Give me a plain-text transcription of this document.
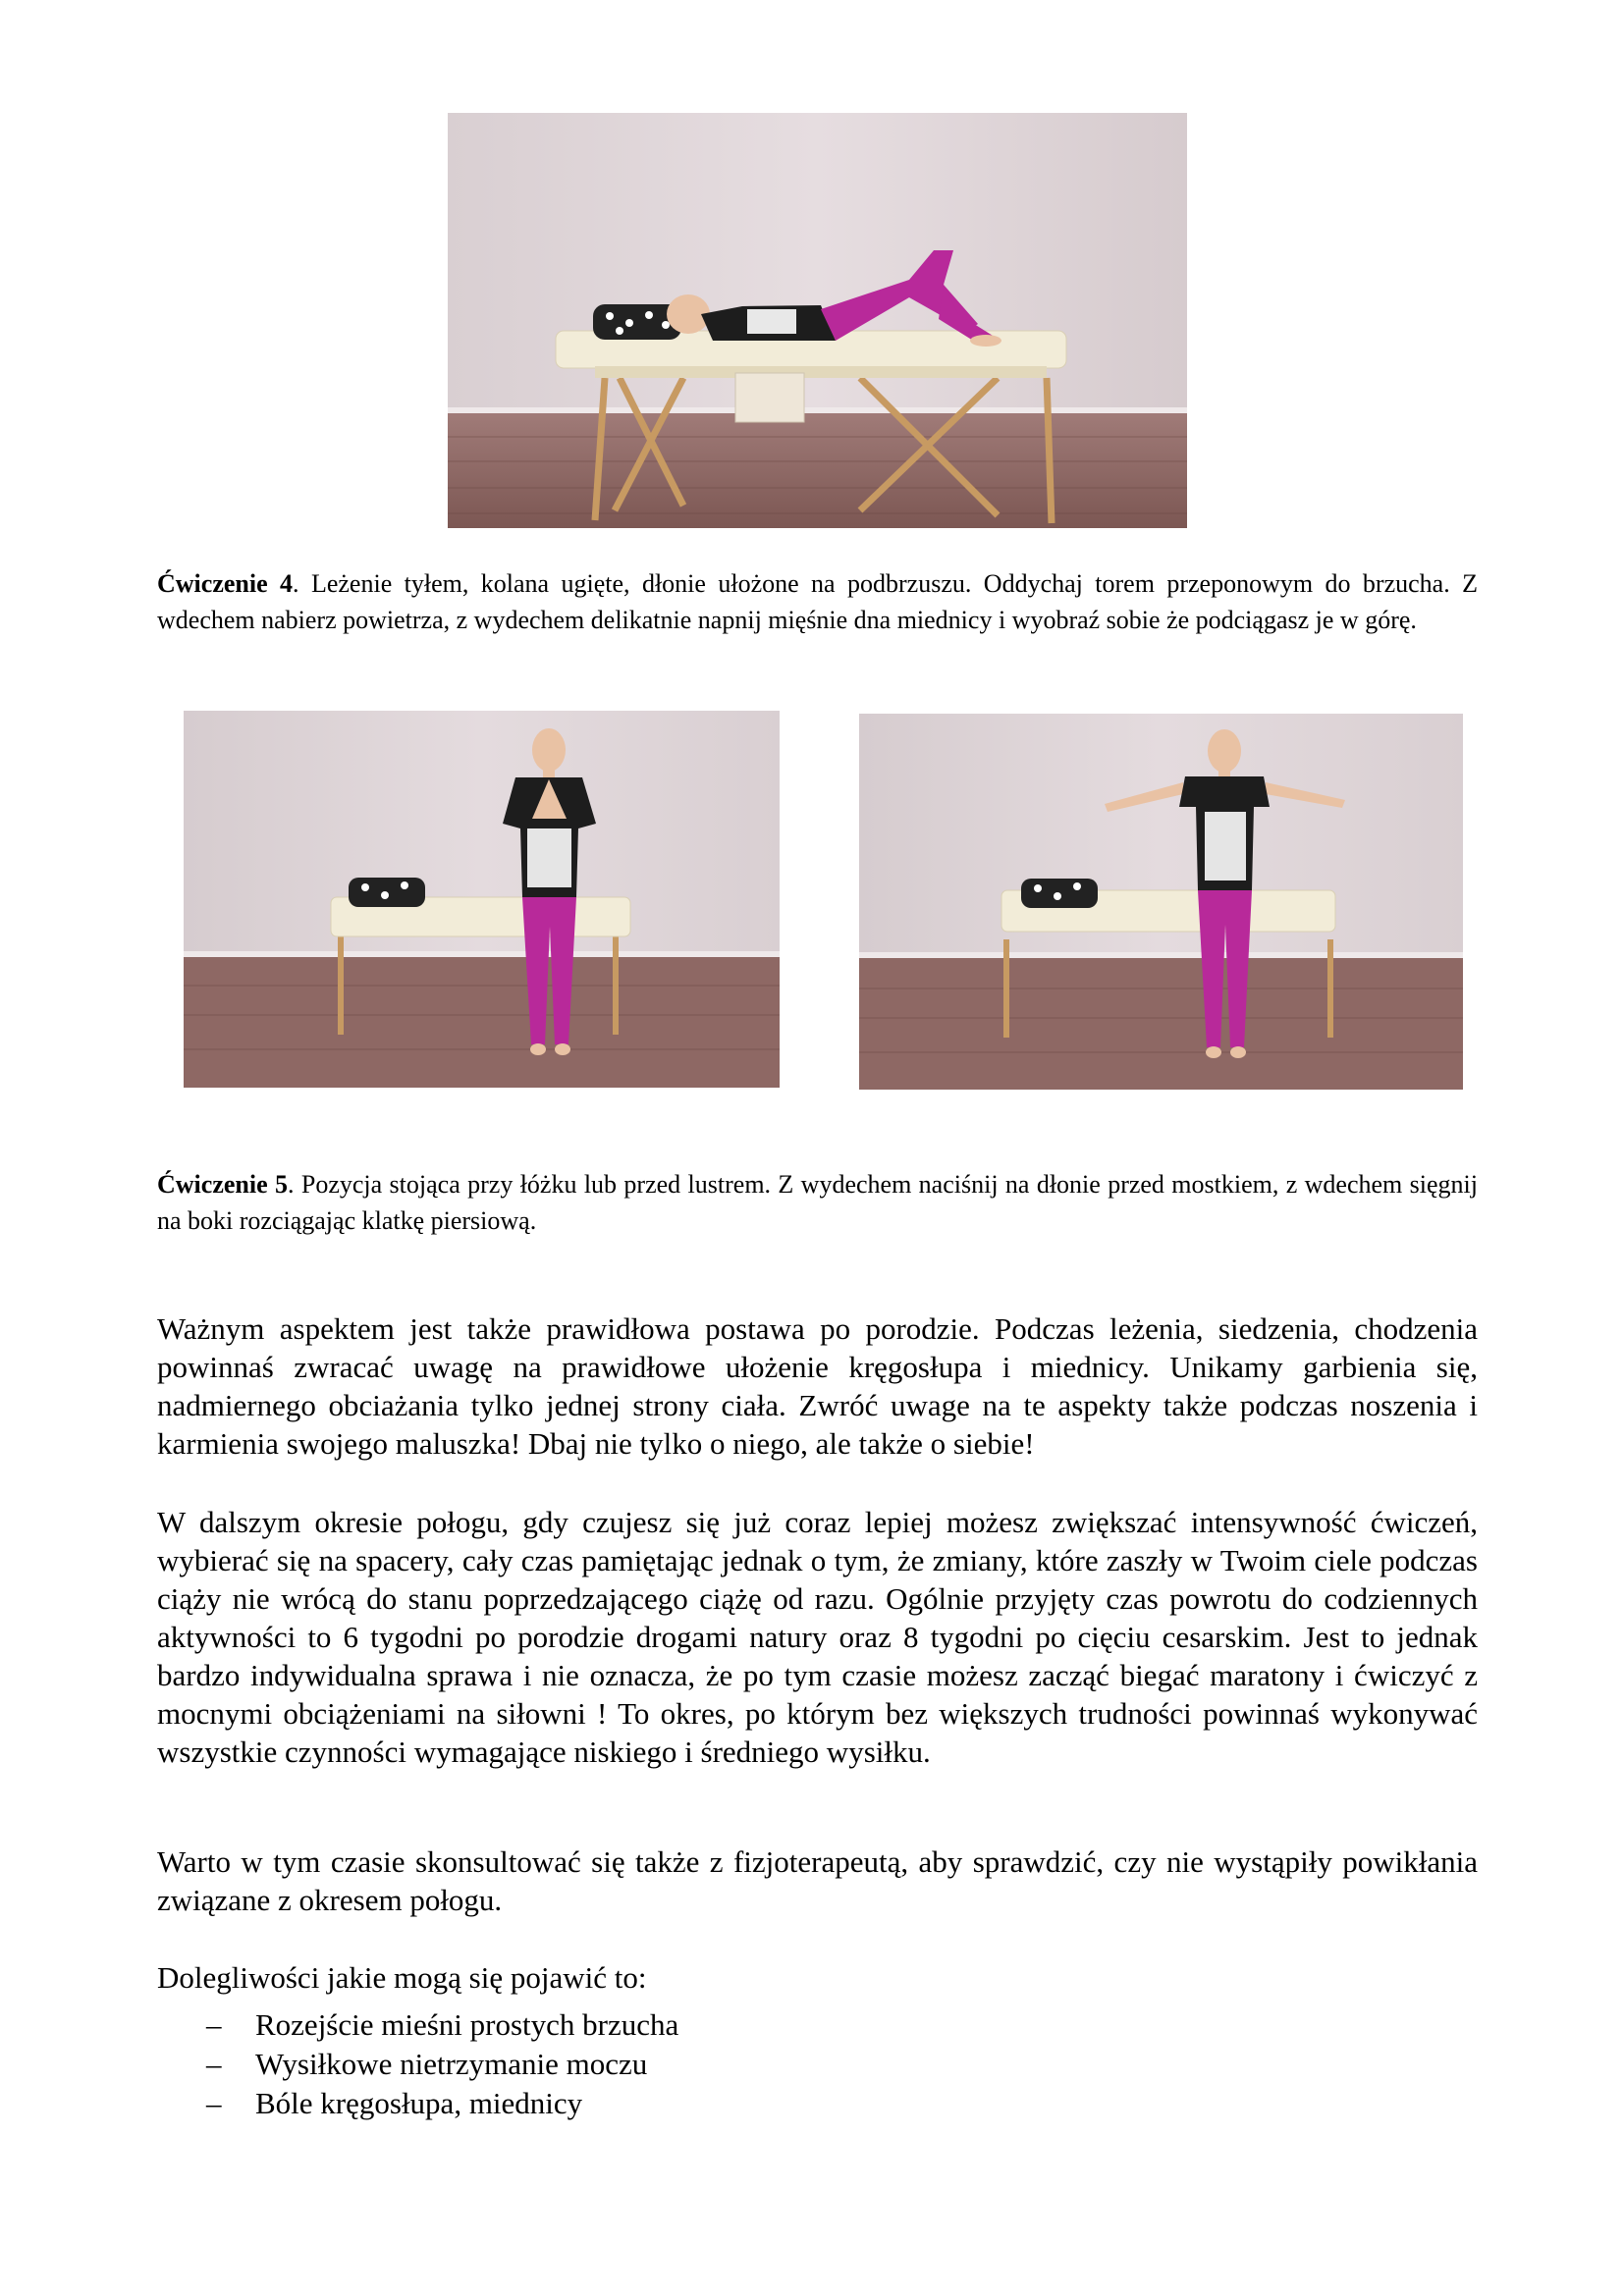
Ćwiczenie 4. Leżenie tyłem, kolana ugięte, dłonie ułożone na podbrzuszu. Oddychaj torem przeponowym do brzucha. Z wdechem nabierz powietrza, z wydechem delikatnie napnij mięśnie dna miednicy i wyobraź sobie że podciągasz je w górę.

Ćwiczenie 5. Pozycja stojąca przy łóżku lub przed lustrem. Z wydechem naciśnij na dłonie przed mostkiem, z wdechem sięgnij na boki rozciągając klatkę piersiową.

Ważnym aspektem jest także prawidłowa postawa po porodzie. Podczas leżenia, siedzenia, chodzenia powinnaś zwracać uwagę na prawidłowe ułożenie kręgosłupa i miednicy. Unikamy garbienia się, nadmiernego obciażania tylko jednej strony ciała. Zwróć uwage na te aspekty także podczas noszenia i karmienia swojego maluszka! Dbaj nie tylko o niego, ale także o siebie!

W dalszym okresie połogu, gdy czujesz się już coraz lepiej możesz zwiększać intensywność ćwiczeń, wybierać się na spacery, cały czas pamiętając jednak o tym, że zmiany, które zaszły w Twoim ciele podczas ciąży nie wrócą do stanu poprzedzającego ciążę od razu. Ogólnie przyjęty czas powrotu do codziennych aktywności to 6 tygodni po porodzie drogami natury oraz 8 tygodni po cięciu cesarskim. Jest to jednak bardzo indywidualna sprawa i nie oznacza, że po tym czasie możesz zacząć biegać maratony i ćwiczyć z mocnymi obciążeniami na siłowni ! To okres, po którym bez większych trudności powinnaś wykonywać wszystkie czynności wymagające niskiego i średniego wysiłku.

Warto w tym czasie skonsultować się także z fizjoterapeutą, aby sprawdzić, czy nie wystąpiły powikłania związane z okresem połogu.

Dolegliwości jakie mogą się pojawić to:

– Rozejście mieśni prostych brzucha
– Wysiłkowe nietrzymanie moczu
– Bóle kręgosłupa, miednicy
